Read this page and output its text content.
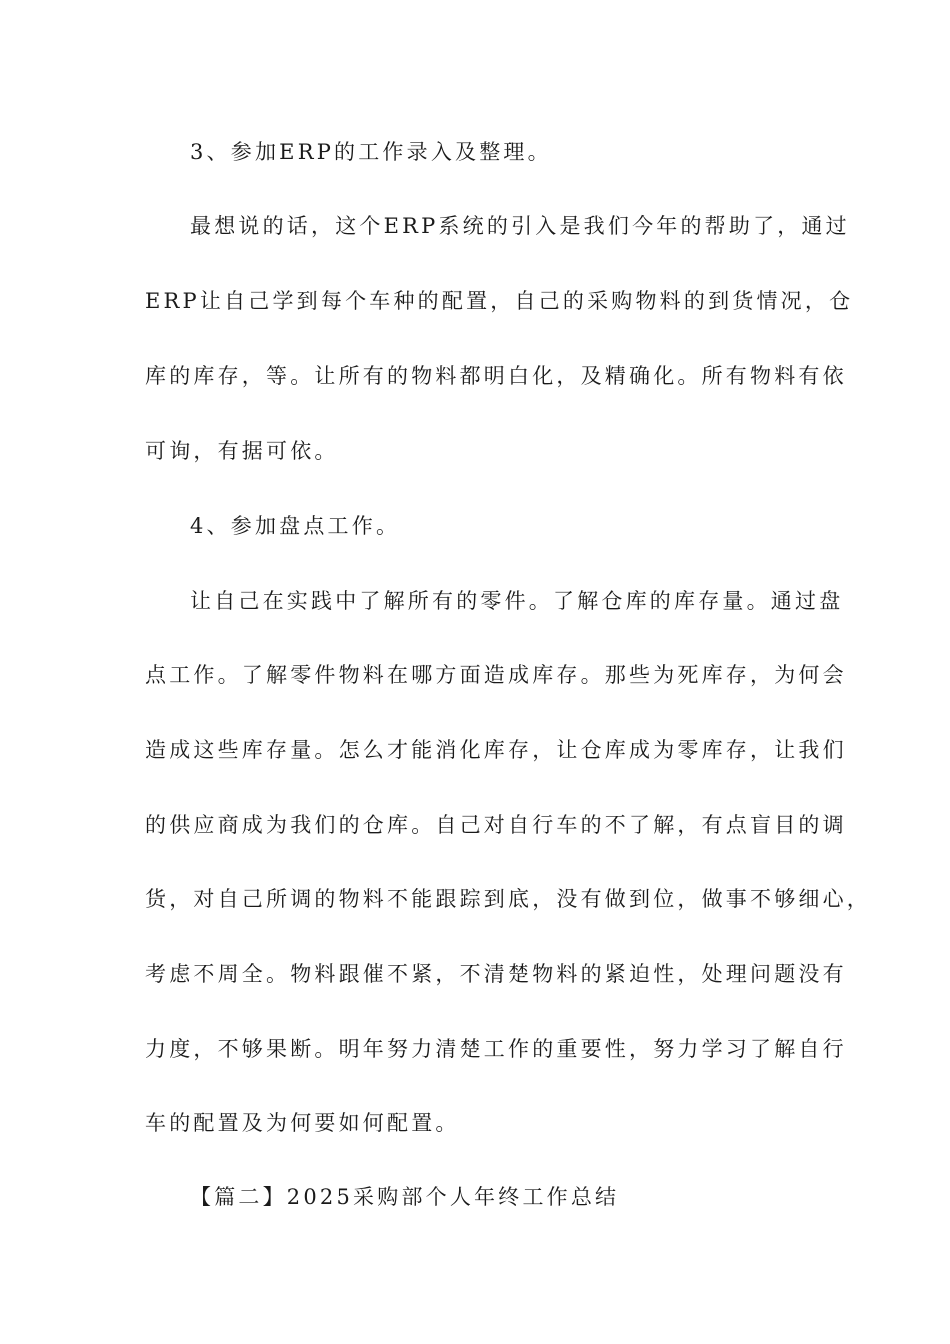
3、参加ERP的工作录入及整理。
最想说的话，这个ERP系统的引入是我们今年的帮助了，通过
ERP让自己学到每个车种的配置，自己的采购物料的到货情况，仓
库的库存，等。让所有的物料都明白化，及精确化。所有物料有依
可询，有据可依。
4、参加盘点工作。
让自己在实践中了解所有的零件。了解仓库的库存量。通过盘
点工作。了解零件物料在哪方面造成库存。那些为死库存，为何会
造成这些库存量。怎么才能消化库存，让仓库成为零库存，让我们
的供应商成为我们的仓库。自己对自行车的不了解，有点盲目的调
货，对自己所调的物料不能跟踪到底，没有做到位，做事不够细心，
考虑不周全。物料跟催不紧，不清楚物料的紧迫性，处理问题没有
力度，不够果断。明年努力清楚工作的重要性，努力学习了解自行
车的配置及为何要如何配置。
【篇二】2025采购部个人年终工作总结
